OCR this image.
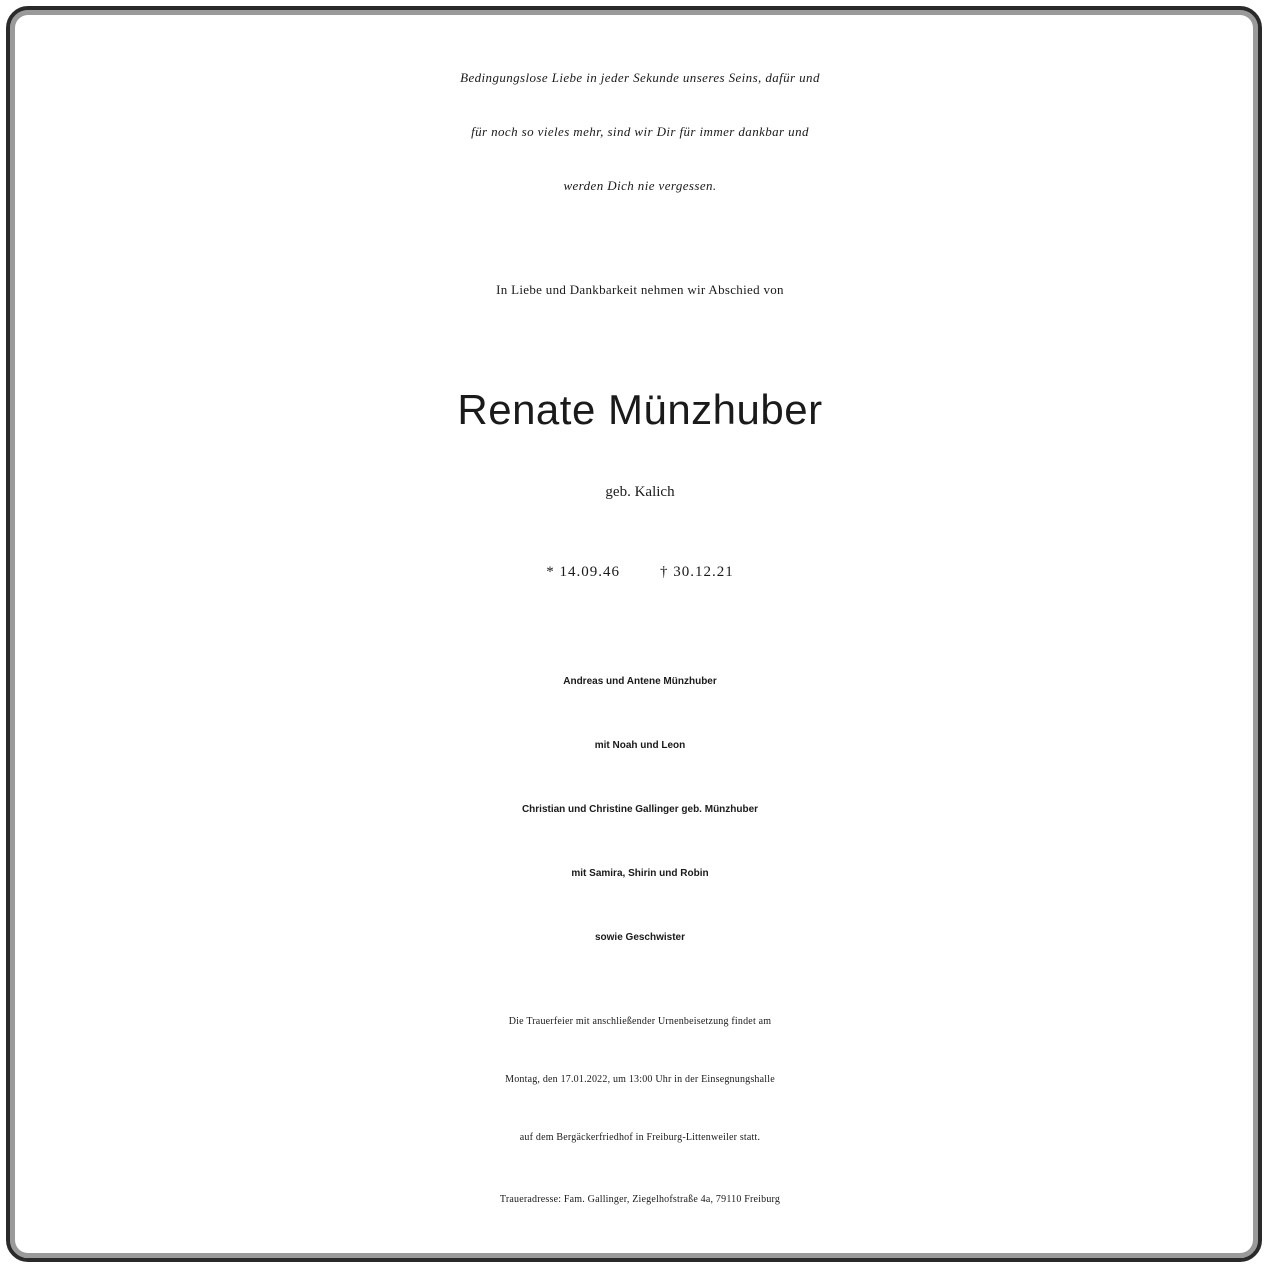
Bedingungslose Liebe in jeder Sekunde unseres Seins, dafür und
für noch so vieles mehr, sind wir Dir für immer dankbar und
werden Dich nie vergessen.
In Liebe und Dankbarkeit nehmen wir Abschied von
Renate Münzhuber
geb. Kalich
* 14.09.46	† 30.12.21
Andreas und Antene Münzhuber
mit Noah und Leon
Christian und Christine Gallinger geb. Münzhuber
mit Samira, Shirin und Robin
sowie Geschwister
Die Trauerfeier mit anschließender Urnenbeisetzung findet am
Montag, den 17.01.2022, um 13:00 Uhr in der Einsegnungshalle
auf dem Bergäckerfriedhof in Freiburg-Littenweiler statt.
Traueradresse: Fam. Gallinger, Ziegelhofstraße 4a, 79110 Freiburg
